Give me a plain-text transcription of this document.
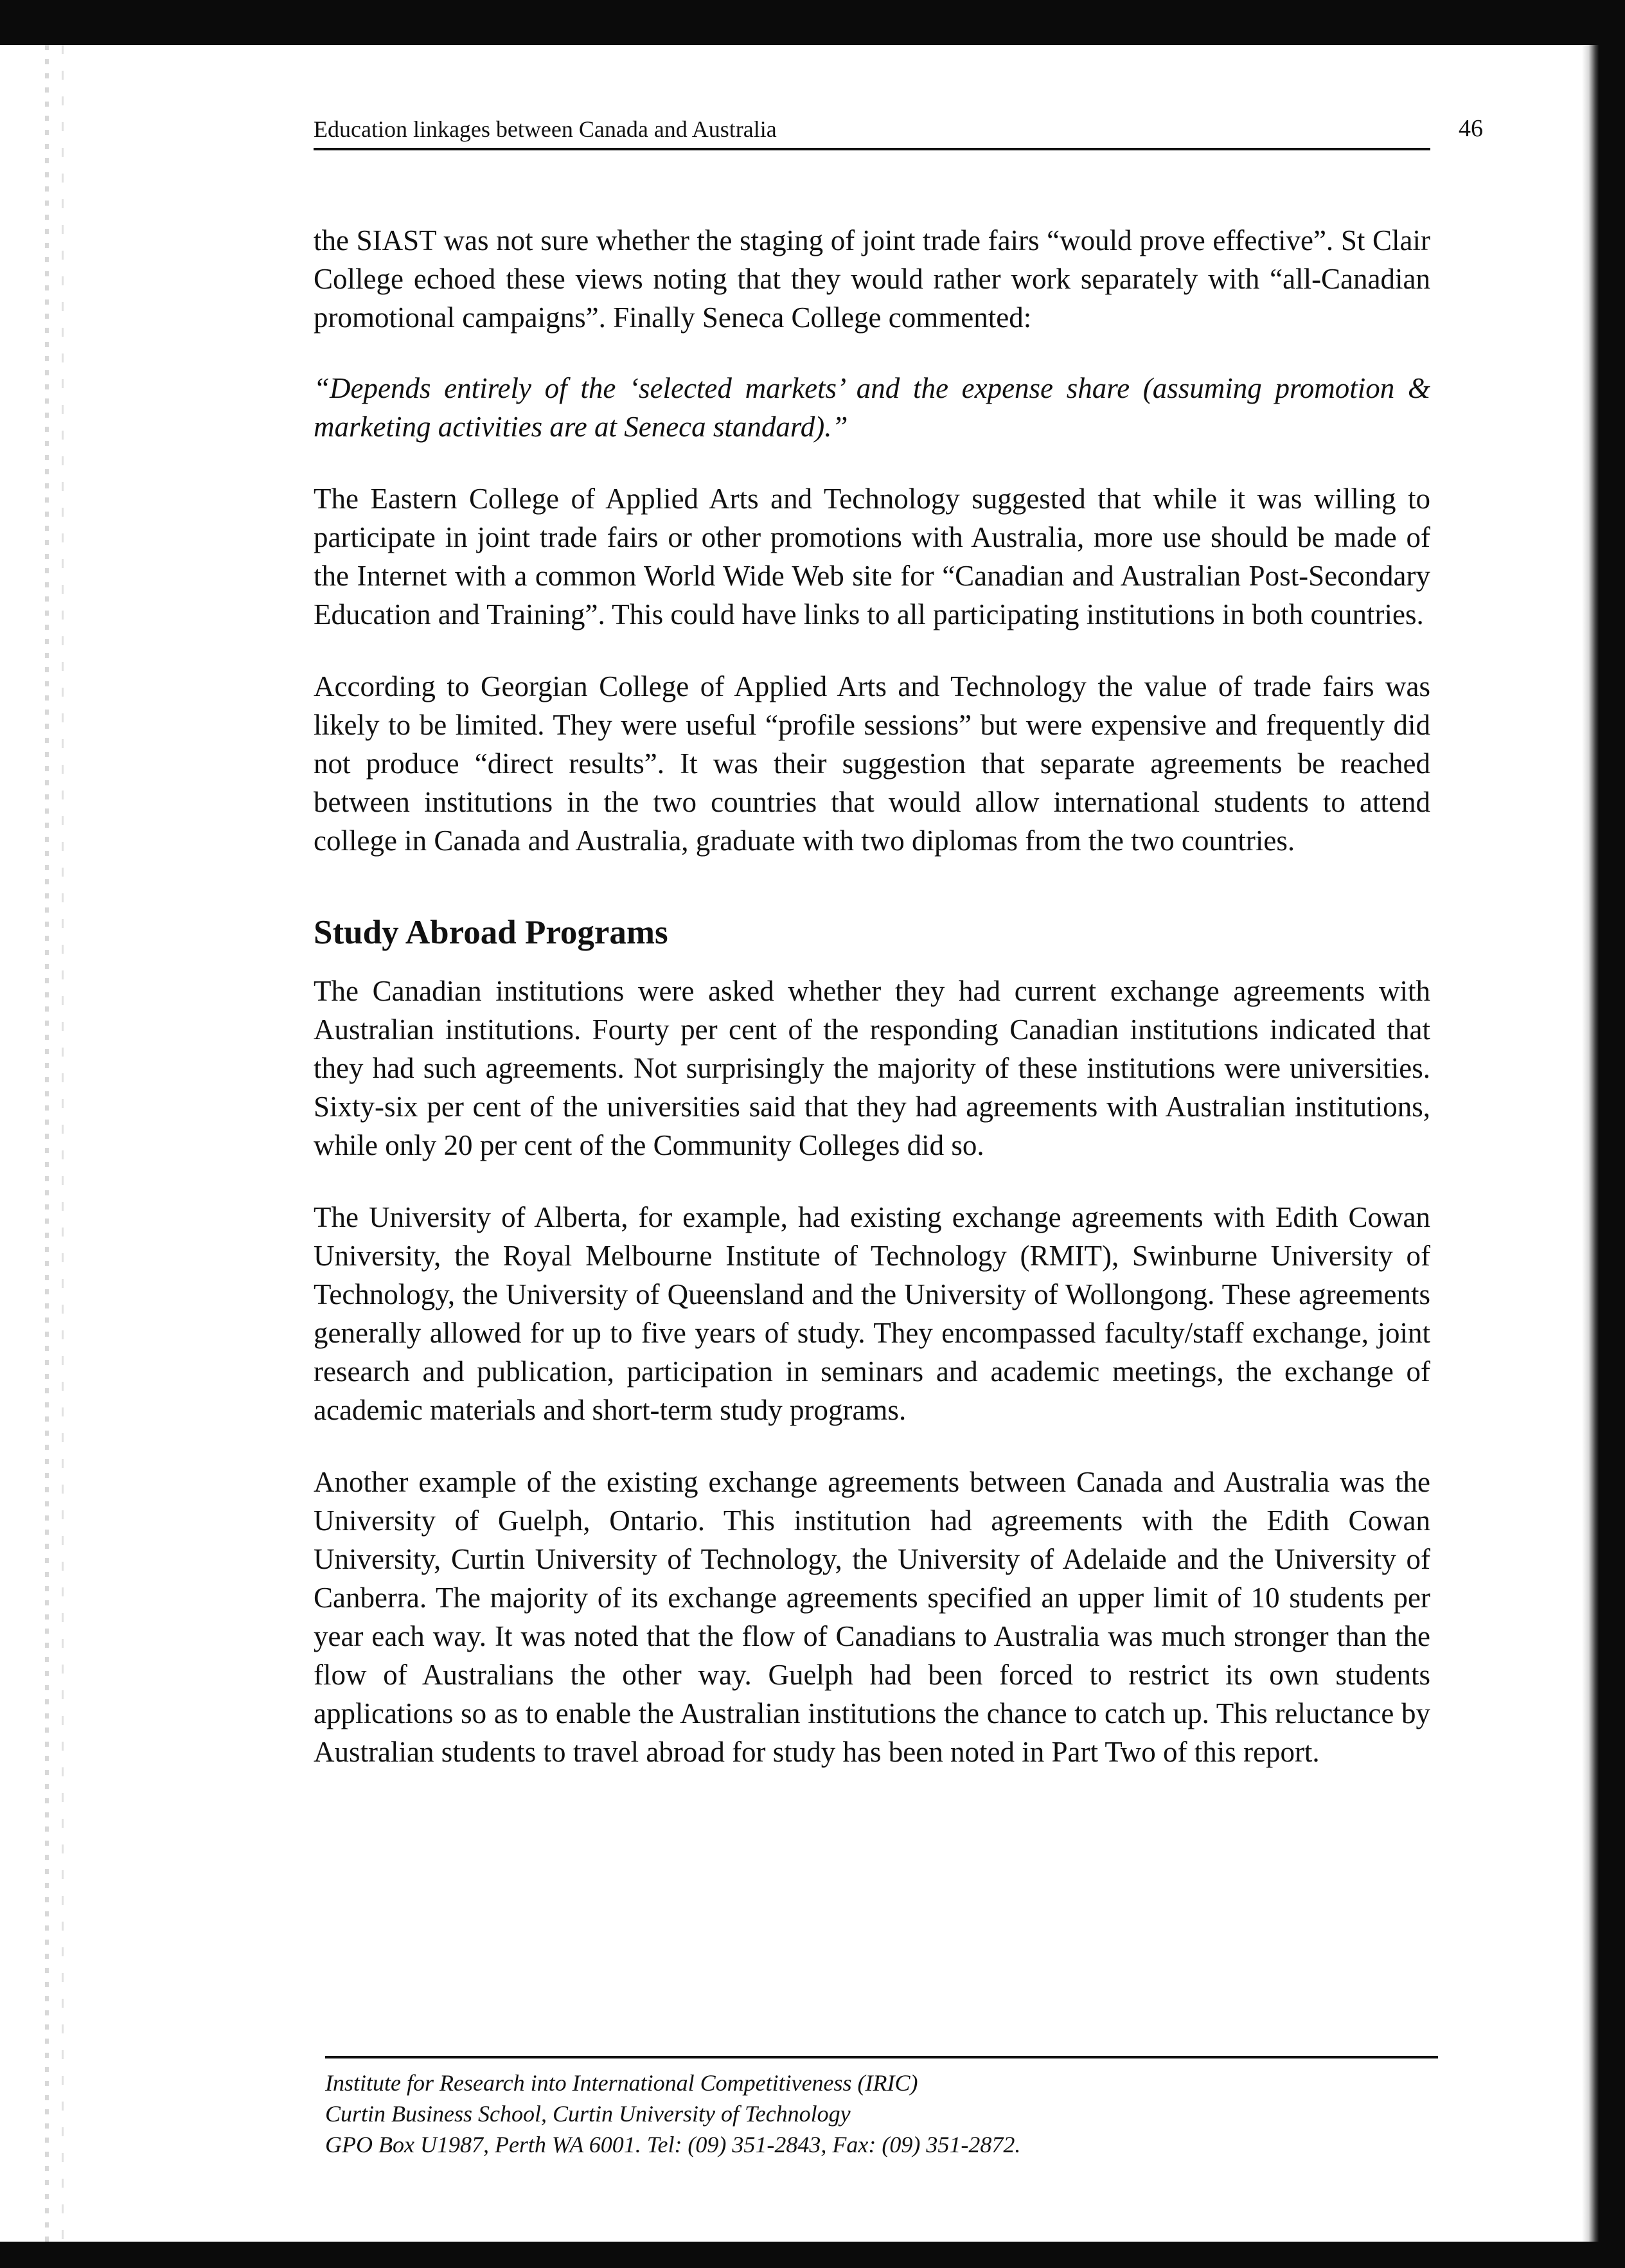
Education linkages between Canada and Australia	46

the SIAST was not sure whether the staging of joint trade fairs “would prove effective”. St Clair College echoed these views noting that they would rather work separately with “all-Canadian promotional campaigns”. Finally Seneca College commented:

“Depends entirely of the ‘selected markets’ and the expense share (assuming promotion & marketing activities are at Seneca standard).”

The Eastern College of Applied Arts and Technology suggested that while it was willing to participate in joint trade fairs or other promotions with Australia, more use should be made of the Internet with a common World Wide Web site for “Canadian and Australian Post-Secondary Education and Training”. This could have links to all participating institutions in both countries.

According to Georgian College of Applied Arts and Technology the value of trade fairs was likely to be limited. They were useful “profile sessions” but were expensive and frequently did not produce “direct results”. It was their suggestion that separate agreements be reached between institutions in the two countries that would allow international students to attend college in Canada and Australia, graduate with two diplomas from the two countries.

Study Abroad Programs

The Canadian institutions were asked whether they had current exchange agreements with Australian institutions. Fourty per cent of the responding Canadian institutions indicated that they had such agreements. Not surprisingly the majority of these institutions were universities. Sixty-six per cent of the universities said that they had agreements with Australian institutions, while only 20 per cent of the Community Colleges did so.

The University of Alberta, for example, had existing exchange agreements with Edith Cowan University, the Royal Melbourne Institute of Technology (RMIT), Swinburne University of Technology, the University of Queensland and the University of Wollongong. These agreements generally allowed for up to five years of study. They encompassed faculty/staff exchange, joint research and publication, participation in seminars and academic meetings, the exchange of academic materials and short-term study programs.

Another example of the existing exchange agreements between Canada and Australia was the University of Guelph, Ontario. This institution had agreements with the Edith Cowan University, Curtin University of Technology, the University of Adelaide and the University of Canberra. The majority of its exchange agreements specified an upper limit of 10 students per year each way. It was noted that the flow of Canadians to Australia was much stronger than the flow of Australians the other way. Guelph had been forced to restrict its own students applications so as to enable the Australian institutions the chance to catch up. This reluctance by Australian students to travel abroad for study has been noted in Part Two of this report.

Institute for Research into International Competitiveness (IRIC)
Curtin Business School, Curtin University of Technology
GPO Box U1987, Perth WA 6001. Tel: (09) 351-2843, Fax: (09) 351-2872.
